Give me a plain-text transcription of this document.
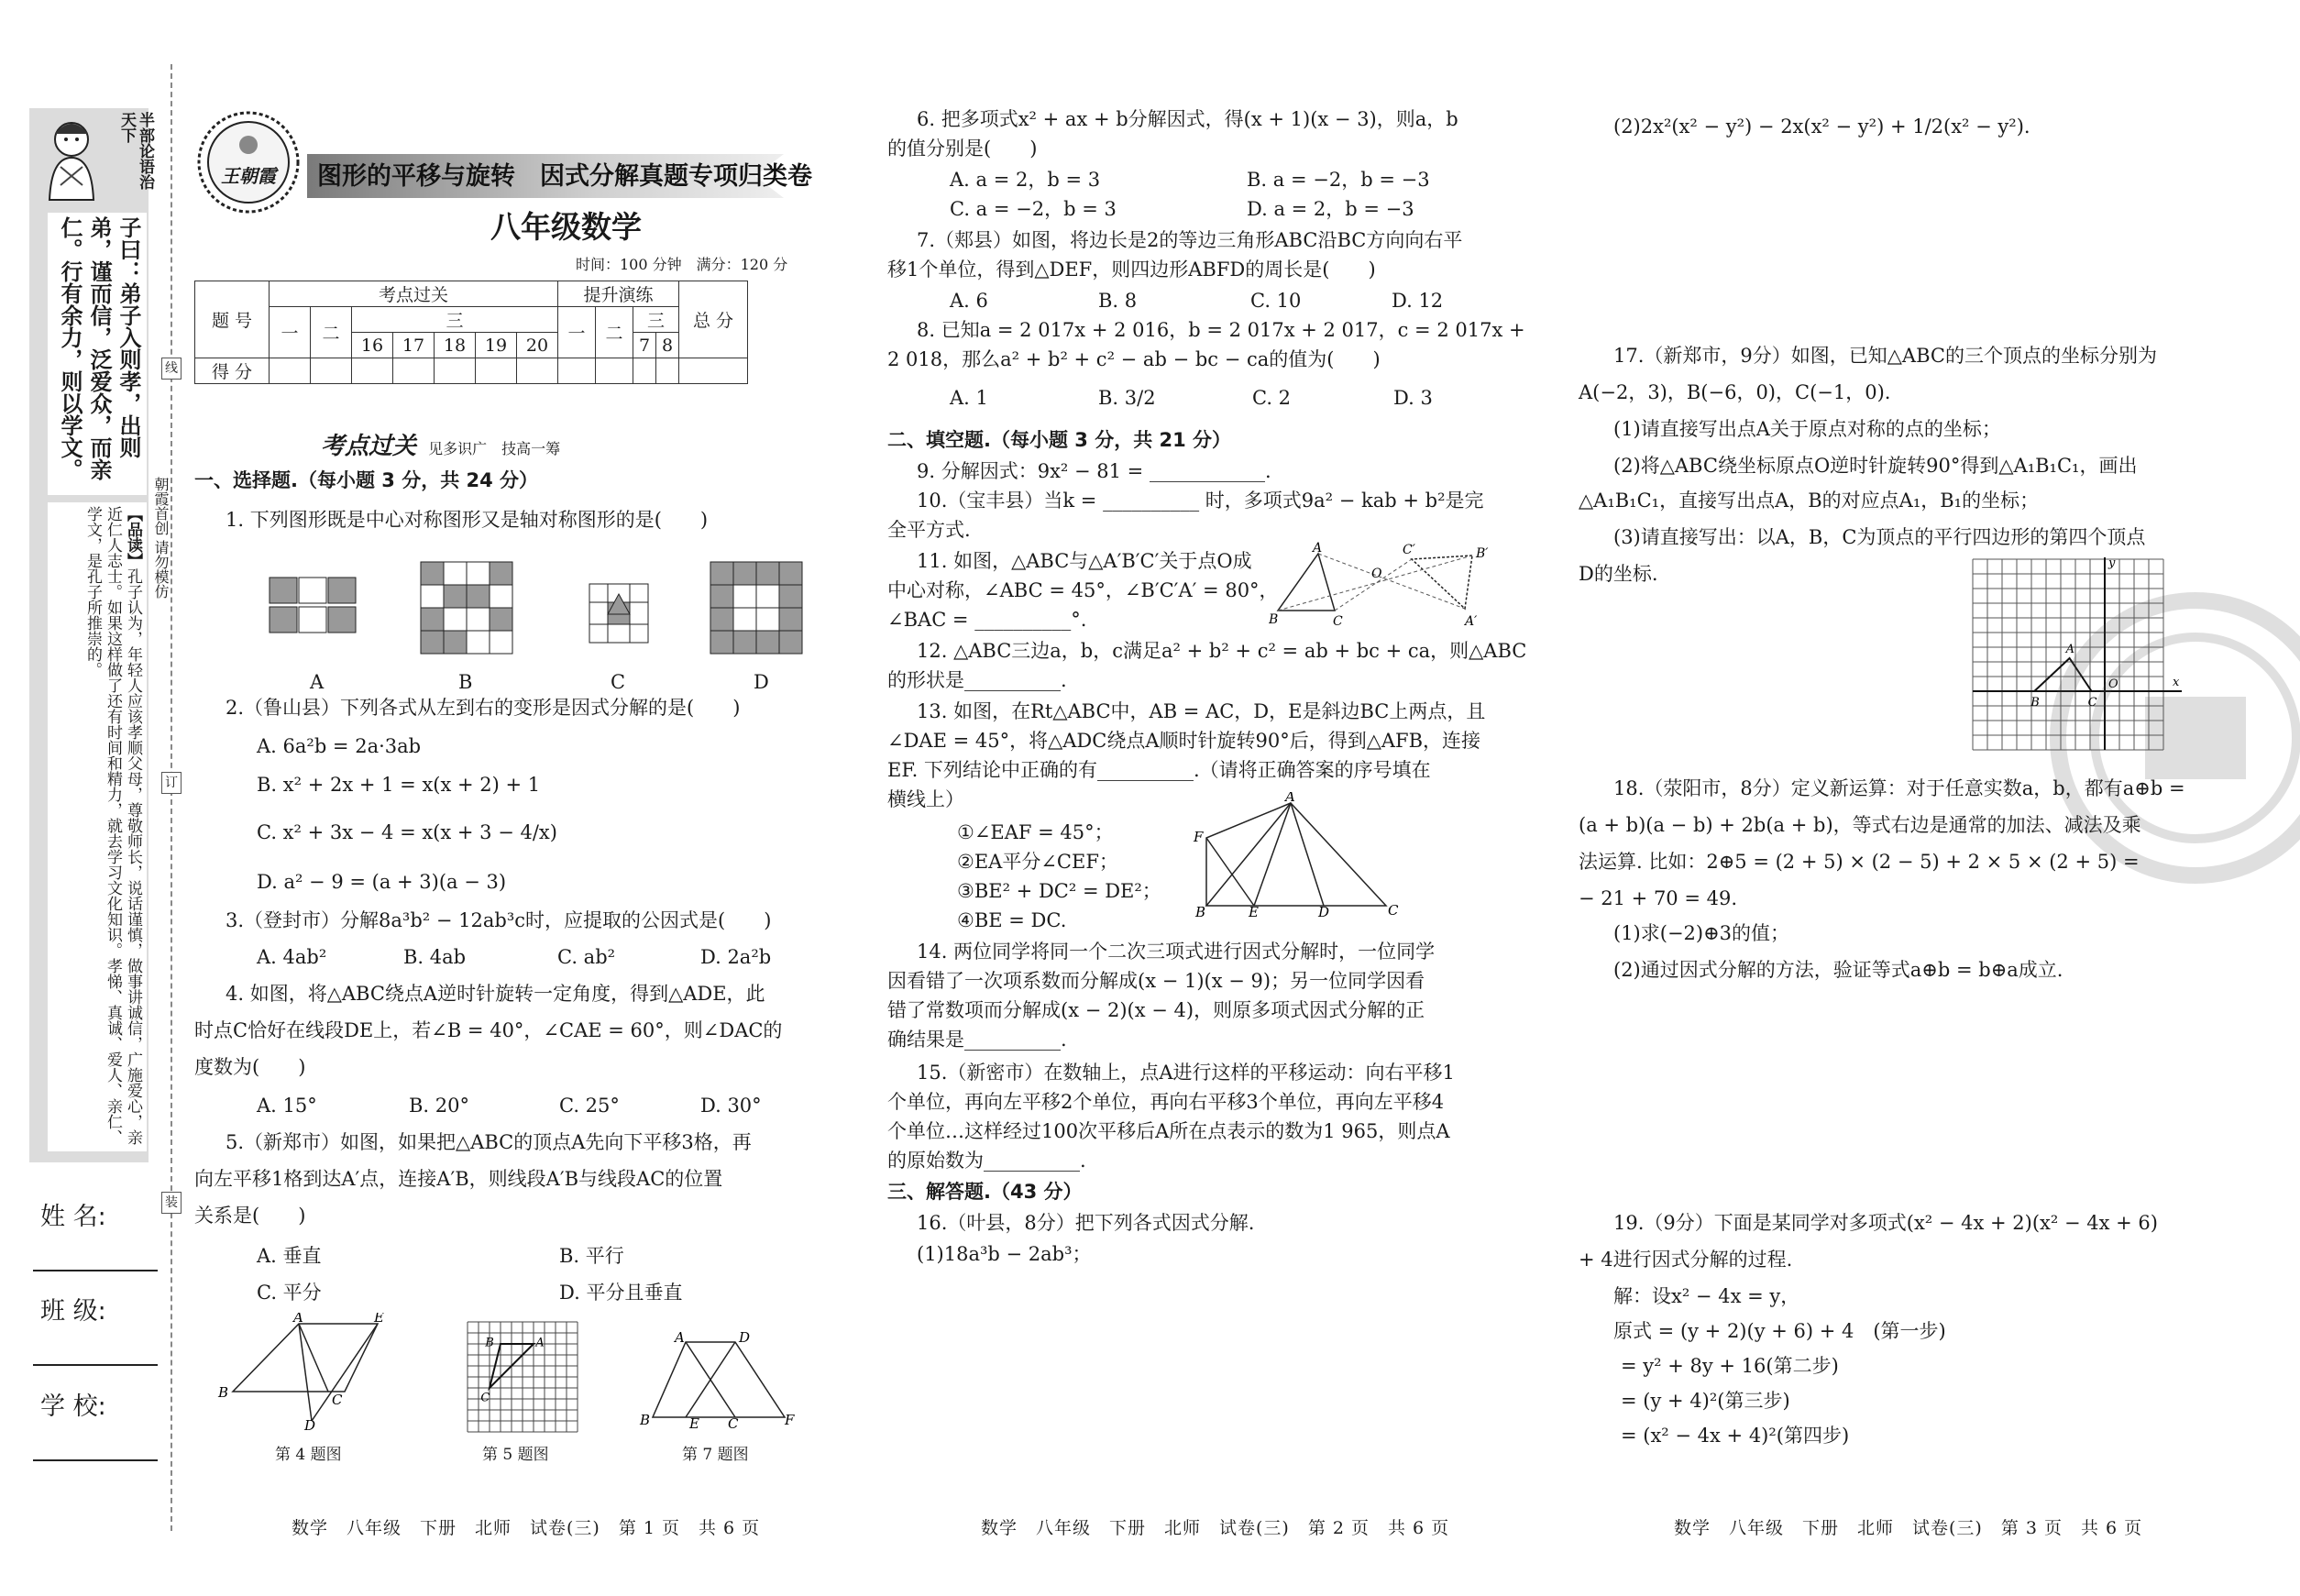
半部论语治天下
子曰：弟子入则孝，出则弟，谨而信，泛爱众，而亲仁。行有余力，则以学文。
【品读】孔子认为，年轻人应该孝顺父母，尊敬师长，说话谨慎，做事讲诚信，广施爱心，亲近仁人志士。如果这样做了还有时间和精力，就去学习文化知识。孝悌、真诚、爱人、亲仁、学文，是孔子所推崇的。	朝霞首创 请勿模仿
线
订
装
姓 名:
班 级:
学 校:
王朝霞	图形的平移与旋转　因式分解真题专项归类卷
八年级数学
时间：100 分钟　满分：120 分
题 号	考点过关							提升演练				总 分
	一	二	三					一	二	三		
			16	17	18	19	20			7	8	
得 分												
考点过关 见多识广　技高一筹
一、选择题.（每小题 3 分，共 24 分）
1. 下列图形既是中心对称图形又是轴对称图形的是(　　)
A	B	C	D
2.（鲁山县）下列各式从左到右的变形是因式分解的是(　　)
A. 6a²b = 2a·3ab
B. x² + 2x + 1 = x(x + 2) + 1
C. x² + 3x − 4 = x(x + 3 − 4/x)
D. a² − 9 = (a + 3)(a − 3)
3.（登封市）分解8a³b² − 12ab³c时，应提取的公因式是(　　)
A. 4ab²	B. 4ab	C. ab²	D. 2a²b
4. 如图，将△ABC绕点A逆时针旋转一定角度，得到△ADE，此
时点C恰好在线段DE上，若∠B = 40°，∠CAE = 60°，则∠DAC的
度数为(　　)
A. 15°	B. 20°	C. 25°	D. 30°
5.（新郑市）如图，如果把△ABC的顶点A先向下平移3格，再
向左平移1格到达A′点，连接A′B，则线段A′B与线段AC的位置
关系是(　　)
A. 垂直	B. 平行
C. 平分	D. 平分且垂直
A	E
B	C
D
B	A
C
A	D
B	E C	F
第 4 题图	第 5 题图	第 7 题图
数学　八年级　下册　北师　试卷(三)　第 1 页　共 6 页
6. 把多项式x² + ax + b分解因式，得(x + 1)(x − 3)，则a，b
的值分别是(　　)
A. a = 2，b = 3	B. a = −2，b = −3
C. a = −2，b = 3	D. a = 2，b = −3
7.（郏县）如图，将边长是2的等边三角形ABC沿BC方向向右平
移1个单位，得到△DEF，则四边形ABFD的周长是(　　)
A. 6	B. 8	C. 10	D. 12
8. 已知a = 2 017x + 2 016，b = 2 017x + 2 017，c = 2 017x +
2 018，那么a² + b² + c² − ab − bc − ca的值为(　　)
A. 1	B. 3/2	C. 2	D. 3
二、填空题.（每小题 3 分，共 21 分）
9. 分解因式：9x² − 81 = ____________.
10.（宝丰县）当k = __________ 时，多项式9a² − kab + b²是完
全平方式.
11. 如图，△ABC与△A′B′C′关于点O成
中心对称，∠ABC = 45°，∠B′C′A′ = 80°，
∠BAC = __________°.
A
B	C
O
C′	B′
A′
12. △ABC三边a，b，c满足a² + b² + c² = ab + bc + ca，则△ABC
的形状是__________.
13. 如图，在Rt△ABC中，AB = AC，D，E是斜边BC上两点，且
∠DAE = 45°，将△ADC绕点A顺时针旋转90°后，得到△AFB，连接
EF. 下列结论中正确的有__________.（请将正确答案的序号填在
横线上）
①∠EAF = 45°；
②EA平分∠CEF；
③BE² + DC² = DE²；
④BE = DC.
A
F
B	E	D	C
14. 两位同学将同一个二次三项式进行因式分解时，一位同学
因看错了一次项系数而分解成(x − 1)(x − 9)；另一位同学因看
错了常数项而分解成(x − 2)(x − 4)，则原多项式因式分解的正
确结果是__________.
15.（新密市）在数轴上，点A进行这样的平移运动：向右平移1
个单位，再向左平移2个单位，再向右平移3个单位，再向左平移4
个单位…这样经过100次平移后A所在点表示的数为1 965，则点A
的原始数为__________.
三、解答题.（43 分）
16.（叶县，8分）把下列各式因式分解.
(1)18a³b − 2ab³；
数学　八年级　下册　北师　试卷(三)　第 2 页　共 6 页
(2)2x²(x² − y²) − 2x(x² − y²) + 1/2(x² − y²).
17.（新郑市，9分）如图，已知△ABC的三个顶点的坐标分别为
A(−2，3)，B(−6，0)，C(−1，0).
(1)请直接写出点A关于原点对称的点的坐标；
(2)将△ABC绕坐标原点O逆时针旋转90°得到△A₁B₁C₁，画出
△A₁B₁C₁，直接写出点A，B的对应点A₁，B₁的坐标；
(3)请直接写出：以A，B，C为顶点的平行四边形的第四个顶点
D的坐标.
A
B	C
O	x
y
18.（荥阳市，8分）定义新运算：对于任意实数a，b，都有a⊕b =
(a + b)(a − b) + 2b(a + b)，等式右边是通常的加法、减法及乘
法运算. 比如：2⊕5 = (2 + 5) × (2 − 5) + 2 × 5 × (2 + 5) =
− 21 + 70 = 49.
(1)求(−2)⊕3的值；
(2)通过因式分解的方法，验证等式a⊕b = b⊕a成立.
19.（9分）下面是某同学对多项式(x² − 4x + 2)(x² − 4x + 6)
+ 4进行因式分解的过程.
解：设x² − 4x = y，
原式 = (y + 2)(y + 6) + 4　(第一步)
= y² + 8y + 16(第二步)
= (y + 4)²(第三步)
= (x² − 4x + 4)²(第四步)
数学　八年级　下册　北师　试卷(三)　第 3 页　共 6 页
